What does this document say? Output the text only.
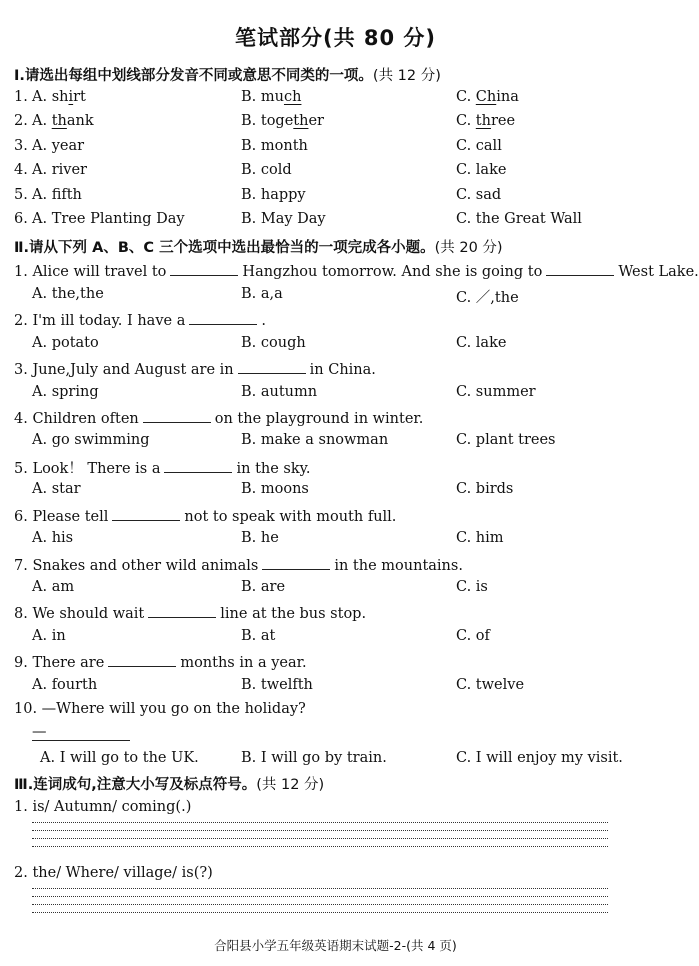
笔试部分(共 80 分)
Ⅰ.请选出每组中划线部分发音不同或意思不同类的一项。(共 12 分)
1. A. shirt	B. much	C. China
2. A. thank	B. together	C. three
3. A. year	B. month	C. call
4. A. river	B. cold	C. lake
5. A. fifth	B. happy	C. sad
6. A. Tree Planting Day	B. May Day	C. the Great Wall
Ⅱ.请从下列 A、B、C 三个选项中选出最恰当的一项完成各小题。(共 20 分)
1. Alice will travel to	Hangzhou tomorrow. And she is going to	West Lake.
A. the,the	B. a,a	C. ／,the
2. I'm ill today. I have a	.
A. potato	B. cough	C. lake
3. June,July and August are in	in China.
A. spring	B. autumn	C. summer
4. Children often	on the playground in winter.
A. go swimming	B. make a snowman	C. plant trees
5. Look！ There is a	in the sky.
A. star	B. moons	C. birds
6. Please tell	not to speak with mouth full.
A. his	B. he	C. him
7. Snakes and other wild animals	in the mountains.
A. am	B. are	C. is
8. We should wait	line at the bus stop.
A. in	B. at	C. of
9. There are	months in a year.
A. fourth	B. twelfth	C. twelve
10. —Where will you go on the holiday?
—
A. I will go to the UK.	B. I will go by train.	C. I will enjoy my visit.
Ⅲ.连词成句,注意大小写及标点符号。(共 12 分)
1. is/ Autumn/ coming(.)
2. the/ Where/ village/ is(?)
合阳县小学五年级英语期末试题-2-(共 4 页)
